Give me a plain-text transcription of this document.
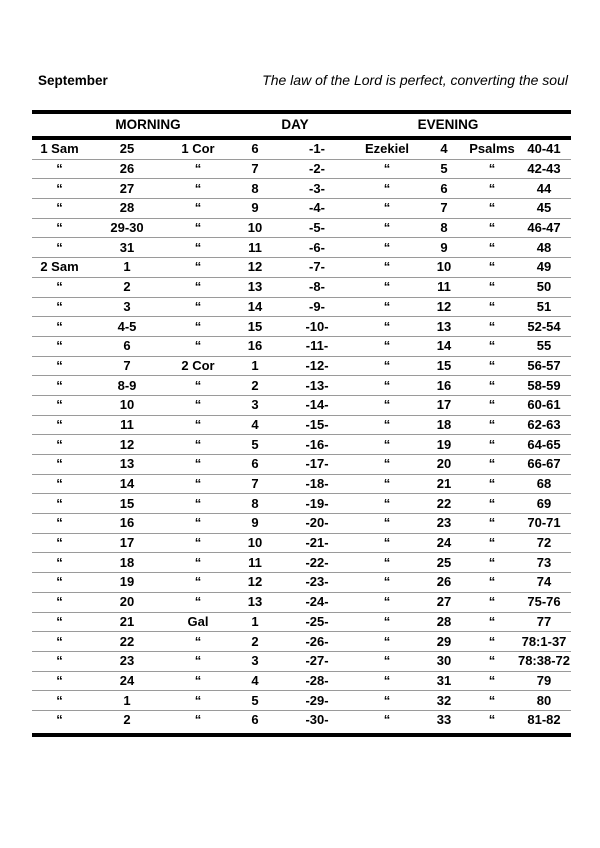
September	The law of the Lord is perfect, converting the soul
MORNING	DAY	EVENING
1 Sam	25	1 Cor	6	-1-	Ezekiel	4	Psalms	40-41
“	26	“	7	-2-	“	5	“	42-43
“	27	“	8	-3-	“	6	“	44
“	28	“	9	-4-	“	7	“	45
“	29-30	“	10	-5-	“	8	“	46-47
“	31	“	11	-6-	“	9	“	48
2 Sam	1	“	12	-7-	“	10	“	49
“	2	“	13	-8-	“	11	“	50
“	3	“	14	-9-	“	12	“	51
“	4-5	“	15	-10-	“	13	“	52-54
“	6	“	16	-11-	“	14	“	55
“	7	2 Cor	1	-12-	“	15	“	56-57
“	8-9	“	2	-13-	“	16	“	58-59
“	10	“	3	-14-	“	17	“	60-61
“	11	“	4	-15-	“	18	“	62-63
“	12	“	5	-16-	“	19	“	64-65
“	13	“	6	-17-	“	20	“	66-67
“	14	“	7	-18-	“	21	“	68
“	15	“	8	-19-	“	22	“	69
“	16	“	9	-20-	“	23	“	70-71
“	17	“	10	-21-	“	24	“	72
“	18	“	11	-22-	“	25	“	73
“	19	“	12	-23-	“	26	“	74
“	20	“	13	-24-	“	27	“	75-76
“	21	Gal	1	-25-	“	28	“	77
“	22	“	2	-26-	“	29	“	78:1-37
“	23	“	3	-27-	“	30	“	78:38-72
“	24	“	4	-28-	“	31	“	79
“	1	“	5	-29-	“	32	“	80
“	2	“	6	-30-	“	33	“	81-82
